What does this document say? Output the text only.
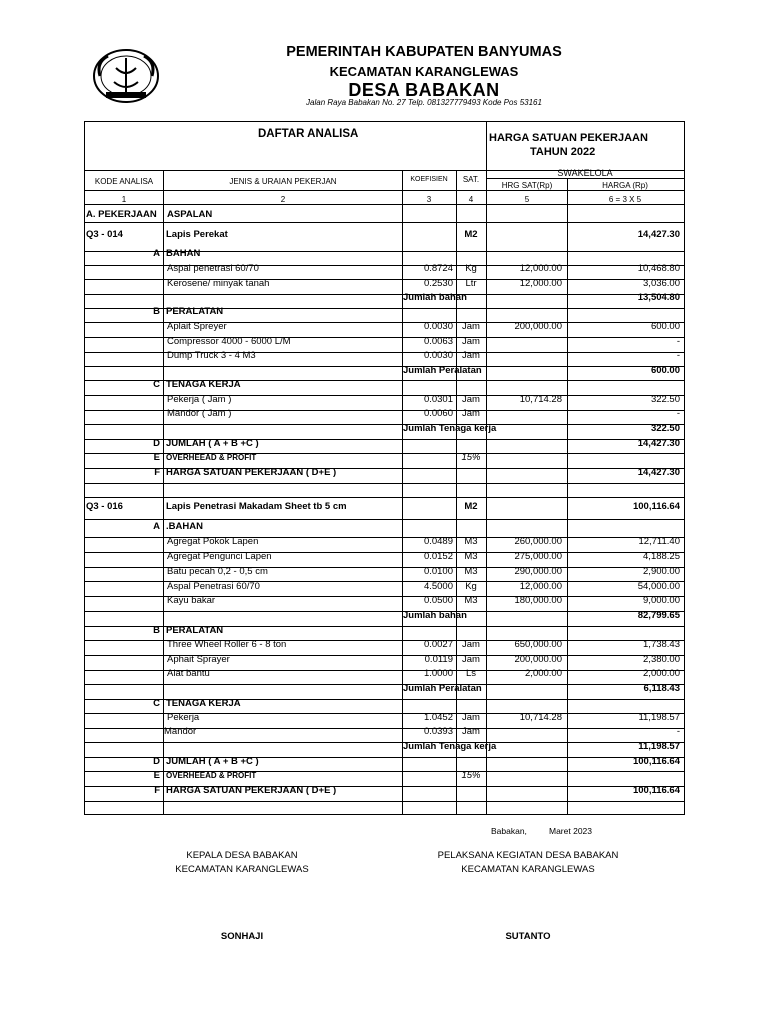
PEMERINTAH KABUPATEN BANYUMAS
KECAMATAN KARANGLEWAS
DESA BABAKAN
Jalan Raya Babakan No. 27 Telp. 081327779493 Kode Pos 53161
DAFTAR ANALISA	HARGA SATUAN PEKERJAAN
TAHUN 2022
SWAKELOLA
KODE ANALISA	JENIS & URAIAN PEKERJAN	KOEFISIEN	SAT.
HRG SAT(Rp)	HARGA (Rp)
1	2	3	4	5	6 = 3 X 5
A. PEKERJAAN ASPALAN
Q3 - 014	Lapis Perekat	M2	14,427.30
A BAHAN
Aspal penetrasi 60/70	0.8724	Kg	12,000.00	10,468.80
Kerosene/ minyak tanah	0.2530	Ltr	12,000.00	3,036.00
Jumlah bahan	13,504.80
B PERALATAN
Aplait Spreyer	0.0030 Jam	200,000.00	600.00
Compressor 4000 - 6000 L/M	0.0063 Jam	-
Dump Truck 3 - 4 M3	0.0030 Jam	-
Jumlah Peralatan	600.00
C TENAGA KERJA
Pekerja ( Jam )	0.0301 Jam	10,714.28	322.50
Mandor ( Jam )	0.0060 Jam	-
Jumlah Tenaga kerja	322.50
D JUMLAH ( A + B +C )	14,427.30
E OVERHEEAD & PROFIT	15%
F HARGA SATUAN PEKERJAAN ( D+E )	14,427.30
Q3 - 016	Lapis Penetrasi Makadam Sheet tb 5 cm	M2	100,116.64
A .BAHAN
Agregat Pokok Lapen	0.0489	M3	260,000.00	12,711.40
Agregat Pengunci Lapen	0.0152	M3	275,000.00	4,188.25
Batu pecah 0,2 - 0,5 cm	0.0100	M3	290,000.00	2,900.00
Aspal Penetrasi 60/70	4.5000	Kg	12,000.00	54,000.00
Kayu bakar	0.0500	M3	180,000.00	9,000.00
Jumlah bahan	82,799.65
B PERALATAN
Three Wheel Roller 6 - 8 ton	0.0027 Jam	650,000.00	1,738.43
Aphait Sprayer	0.0119 Jam	200,000.00	2,380.00
Alat bantu	1.0000	Ls	2,000.00	2,000.00
Jumlah Peralatan	6,118.43
C TENAGA KERJA
Pekerja	1.0452 Jam	10,714.28	11,198.57
Mandor	0.0393 Jam	-
Jumlah Tenaga kerja	11,198.57
D JUMLAH ( A + B +C )	100,116.64
E OVERHEEAD & PROFIT	15%
F HARGA SATUAN PEKERJAAN ( D+E )	100,116.64
Babakan,	Maret 2023
KEPALA DESA BABAKAN
KECAMATAN KARANGLEWAS
PELAKSANA KEGIATAN DESA BABAKAN
KECAMATAN KARANGLEWAS
SONHAJI	SUTANTO
